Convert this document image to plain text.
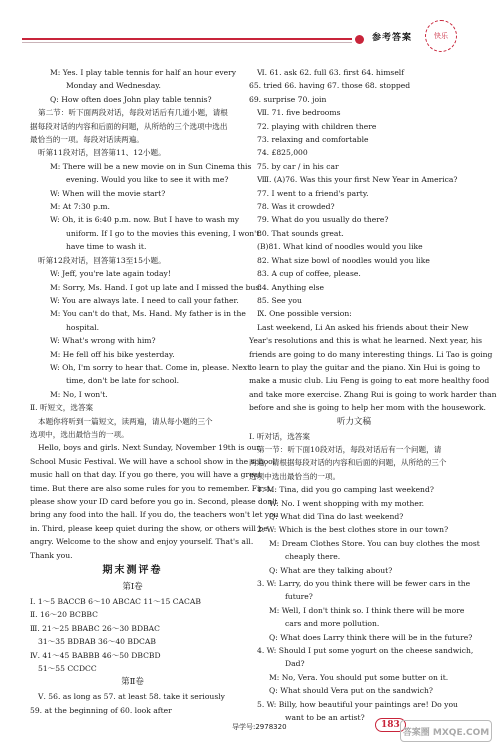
参考答案	快乐
M: Yes. I play table tennis for half an hour every
Monday and Wednesday.
Q: How often does John play table tennis?
第二节：听下面两段对话，每段对话后有几道小题，请根
据每段对话的内容和后面的问题，从所给的三个选项中选出
最恰当的一项。每段对话读两遍。
听第11段对话，回答第11、12小题。
M: There will be a new movie on in Sun Cinema this
evening. Would you like to see it with me?
W: When will the movie start?
M: At 7:30 p.m.
W: Oh, it is 6:40 p.m. now. But I have to wash my
uniform. If I go to the movies this evening, I won't
have time to wash it.
听第12段对话，回答第13至15小题。
W: Jeff, you're late again today!
M: Sorry, Ms. Hand. I got up late and I missed the bus.
W: You are always late. I need to call your father.
M: You can't do that, Ms. Hand. My father is in the
hospital.
W: What's wrong with him?
M: He fell off his bike yesterday.
W: Oh, I'm sorry to hear that. Come in, please. Next
time, don't be late for school.
M: No, I won't.
Ⅱ. 听短文，选答案
本题你将听到一篇短文，读两遍，请从每小题的三个
选项中，选出最恰当的一项。
Hello, boys and girls. Next Sunday, November 19th is our
School Music Festival. We will have a school show in the school
music hall on that day. If you go there, you will have a great
time. But there are also some rules for you to remember. First,
please show your ID card before you go in. Second, please don't
bring any food into the hall. If you do, the teachers won't let you
in. Third, please keep quiet during the show, or others will be
angry. Welcome to the show and enjoy yourself. That's all.
Thank you.
期末测评卷
第Ⅰ卷
Ⅰ. 1～5 BACCB 6～10 ABCAC 11～15 CACAB
Ⅱ. 16～20 BCBBC
Ⅲ. 21～25 BBABC 26～30 BDBAC
31～35 BDBAB 36～40 BDCAB
Ⅳ. 41～45 BABBB 46～50 DBCBD
51～55 CCDCC
第Ⅱ卷
Ⅴ. 56. as long as 57. at least 58. take it seriously
59. at the beginning of 60. look after
Ⅵ. 61. ask 62. full 63. first 64. himself
65. tried 66. having 67. those 68. stopped
69. surprise 70. join
Ⅶ. 71. five bedrooms
72. playing with children there
73. relaxing and comfortable
74. £825,000
75. by car / in his car
Ⅷ. (A)76. Was this your first New Year in America?
77. I went to a friend's party.
78. Was it crowded?
79. What do you usually do there?
80. That sounds great.
(B)81. What kind of noodles would you like
82. What size bowl of noodles would you like
83. A cup of coffee, please.
84. Anything else
85. See you
Ⅸ. One possible version:
Last weekend, Li An asked his friends about their New
Year's resolutions and this is what he learned. Next year, his
friends are going to do many interesting things. Li Tao is going
to learn to play the guitar and the piano. Xin Hui is going to
make a music club. Liu Feng is going to eat more healthy food
and take more exercise. Zhang Rui is going to work harder than
before and she is going to help her mom with the housework.
听力文稿
Ⅰ. 听对话，选答案
第一节：听下面10段对话，每段对话后有一个问题，请
两遍，请根据每段对话的内容和后面的问题，从所给的三个
选项中选出最恰当的一项。
1. M: Tina, did you go camping last weekend?
W: No. I went shopping with my mother.
Q: What did Tina do last weekend?
2. W: Which is the best clothes store in our town?
M: Dream Clothes Store. You can buy clothes the most
cheaply there.
Q: What are they talking about?
3. W: Larry, do you think there will be fewer cars in the
future?
M: Well, I don't think so. I think there will be more
cars and more pollution.
Q: What does Larry think there will be in the future?
4. W: Should I put some yogurt on the cheese sandwich,
Dad?
M: No, Vera. You should put some butter on it.
Q: What should Vera put on the sandwich?
5. W: Billy, how beautiful your paintings are! Do you
want to be an artist?
导学号:2978320	183
答案圈 MXQE.COM
